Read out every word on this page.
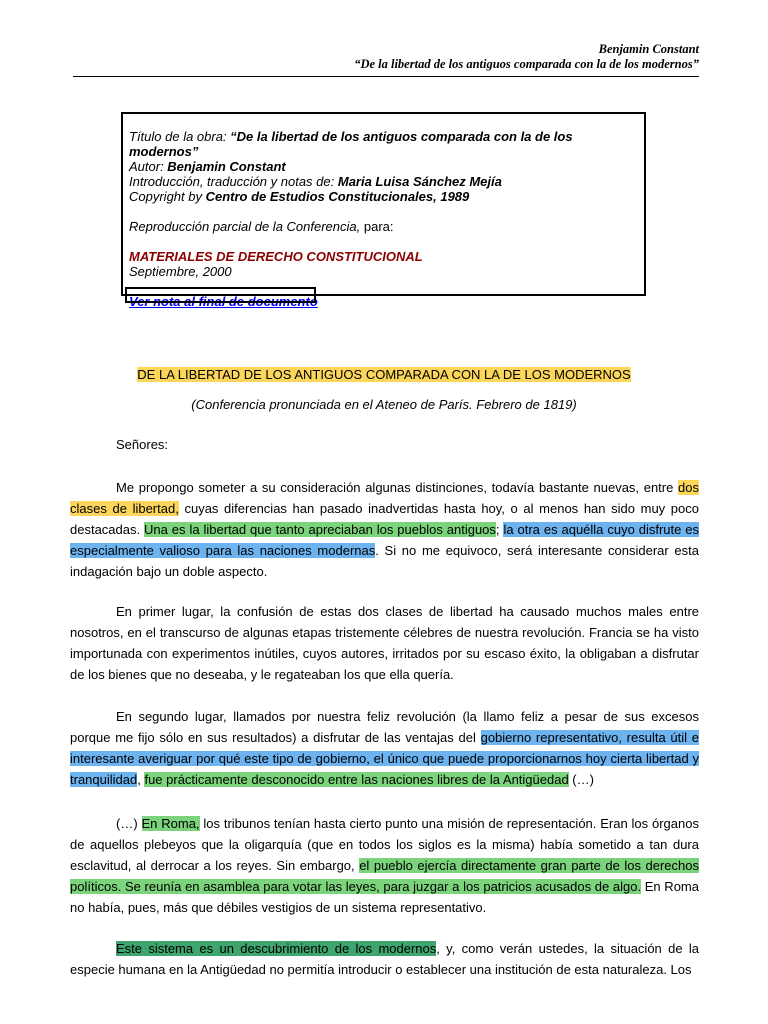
Benjamin Constant
“De la libertad de los antiguos comparada con la de los modernos”
Título de la obra: “De la libertad de los antiguos comparada con la de los modernos”
Autor: Benjamin Constant
Introducción, traducción y notas de: Maria Luisa Sánchez Mejía
Copyright by Centro de Estudios Constitucionales, 1989
Reproducción parcial de la Conferencia, para:
MATERIALES DE DERECHO CONSTITUCIONAL
Septiembre, 2000
Ver nota al final de documento
DE LA LIBERTAD DE LOS ANTIGUOS COMPARADA CON LA DE LOS MODERNOS
(Conferencia pronunciada en el Ateneo de París. Febrero de 1819)

Señores:

Me propongo someter a su consideración algunas distinciones, todavía bastante nuevas, entre dos clases de libertad, cuyas diferencias han pasado inadvertidas hasta hoy, o al menos han sido muy poco destacadas. Una es la libertad que tanto apreciaban los pueblos antiguos; la otra es aquélla cuyo disfrute es especialmente valioso para las naciones modernas. Si no me equivoco, será interesante considerar esta indagación bajo un doble aspecto.

En primer lugar, la confusión de estas dos clases de libertad ha causado muchos males entre nosotros, en el transcurso de algunas etapas tristemente célebres de nuestra revolución. Francia se ha visto importunada con experimentos inútiles, cuyos autores, irritados por su escaso éxito, la obligaban a disfrutar de los bienes que no deseaba, y le regateaban los que ella quería.

En segundo lugar, llamados por nuestra feliz revolución (la llamo feliz a pesar de sus excesos porque me fijo sólo en sus resultados) a disfrutar de las ventajas del gobierno representativo, resulta útil e interesante averiguar por qué este tipo de gobierno, el único que puede proporcionarnos hoy cierta libertad y tranquilidad, fue prácticamente desconocido entre las naciones libres de la Antigüedad (…)

(…) En Roma, los tribunos tenían hasta cierto punto una misión de representación. Eran los órganos de aquellos plebeyos que la oligarquía (que en todos los siglos es la misma) había sometido a tan dura esclavitud, al derrocar a los reyes. Sin embargo, el pueblo ejercía directamente gran parte de los derechos políticos. Se reunía en asamblea para votar las leyes, para juzgar a los patricios acusados de algo. En Roma no había, pues, más que débiles vestigios de un sistema representativo.

Este sistema es un descubrimiento de los modernos, y, como verán ustedes, la situación de la especie humana en la Antigüedad no permitía introducir o establecer una institución de esta naturaleza. Los
